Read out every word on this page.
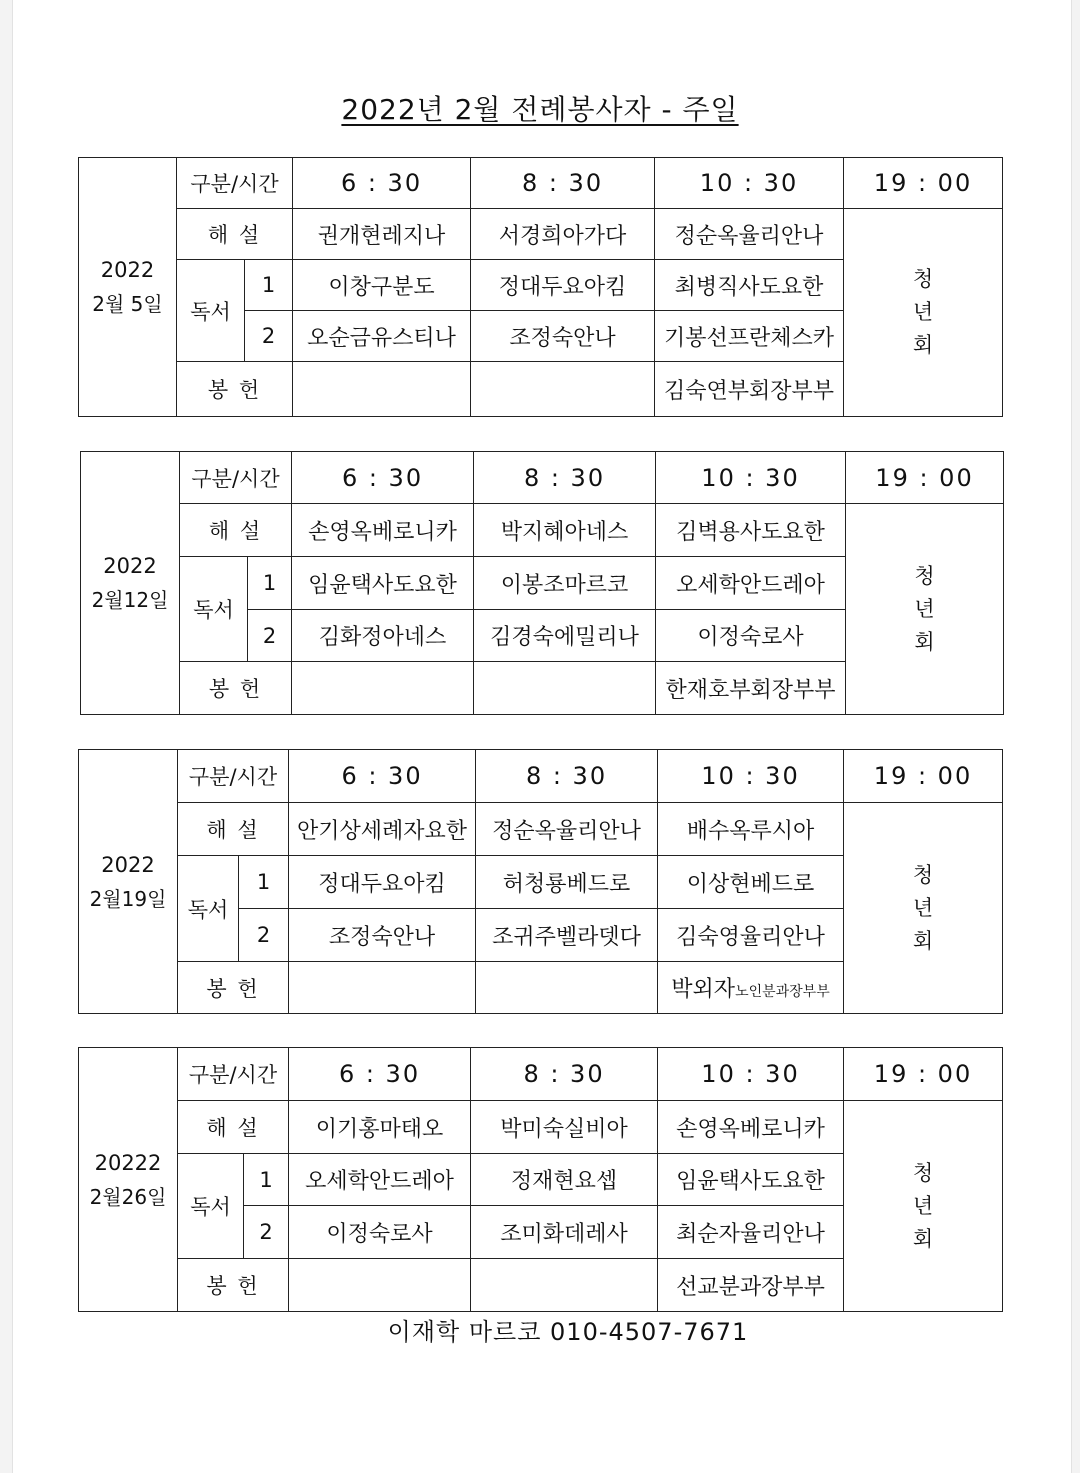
2022년 2월 전례봉사자 - 주일
2022
2월 5일	구분/시간		6 : 30	8 : 30	10 : 30	19 : 00
	해 설		권개현레지나	서경희아가다	정순옥율리안나	청
년
회

	독서	1	이창구분도	정대두요아킴	최병직사도요한	
		2	오순금유스티나	조정숙안나	기봉선프란체스카	
	봉 헌				김숙연부회장부부	
2022
2월12일	구분/시간		6 : 30	8 : 30	10 : 30	19 : 00
	해 설		손영옥베로니카	박지혜아네스	김벽용사도요한	청
년
회

	독서	1	임윤택사도요한	이봉조마르코	오세학안드레아	
		2	김화정아네스	김경숙에밀리나	이정숙로사	
	봉 헌				한재호부회장부부	
2022
2월19일	구분/시간		6 : 30	8 : 30	10 : 30	19 : 00
	해 설		안기상세례자요한	정순옥율리안나	배수옥루시아	청
년
회

	독서	1	정대두요아킴	허청룡베드로	이상현베드로	
		2	조정숙안나	조귀주벨라뎃다	김숙영율리안나	
	봉 헌				박외자노인분과장부부	
20222
2월26일	구분/시간		6 : 30	8 : 30	10 : 30	19 : 00
	해 설		이기홍마태오	박미숙실비아	손영옥베로니카	청
년
회

	독서	1	오세학안드레아	정재현요셉	임윤택사도요한	
		2	이정숙로사	조미화데레사	최순자율리안나	
	봉 헌				선교분과장부부	
이재학 마르코 010-4507-7671
